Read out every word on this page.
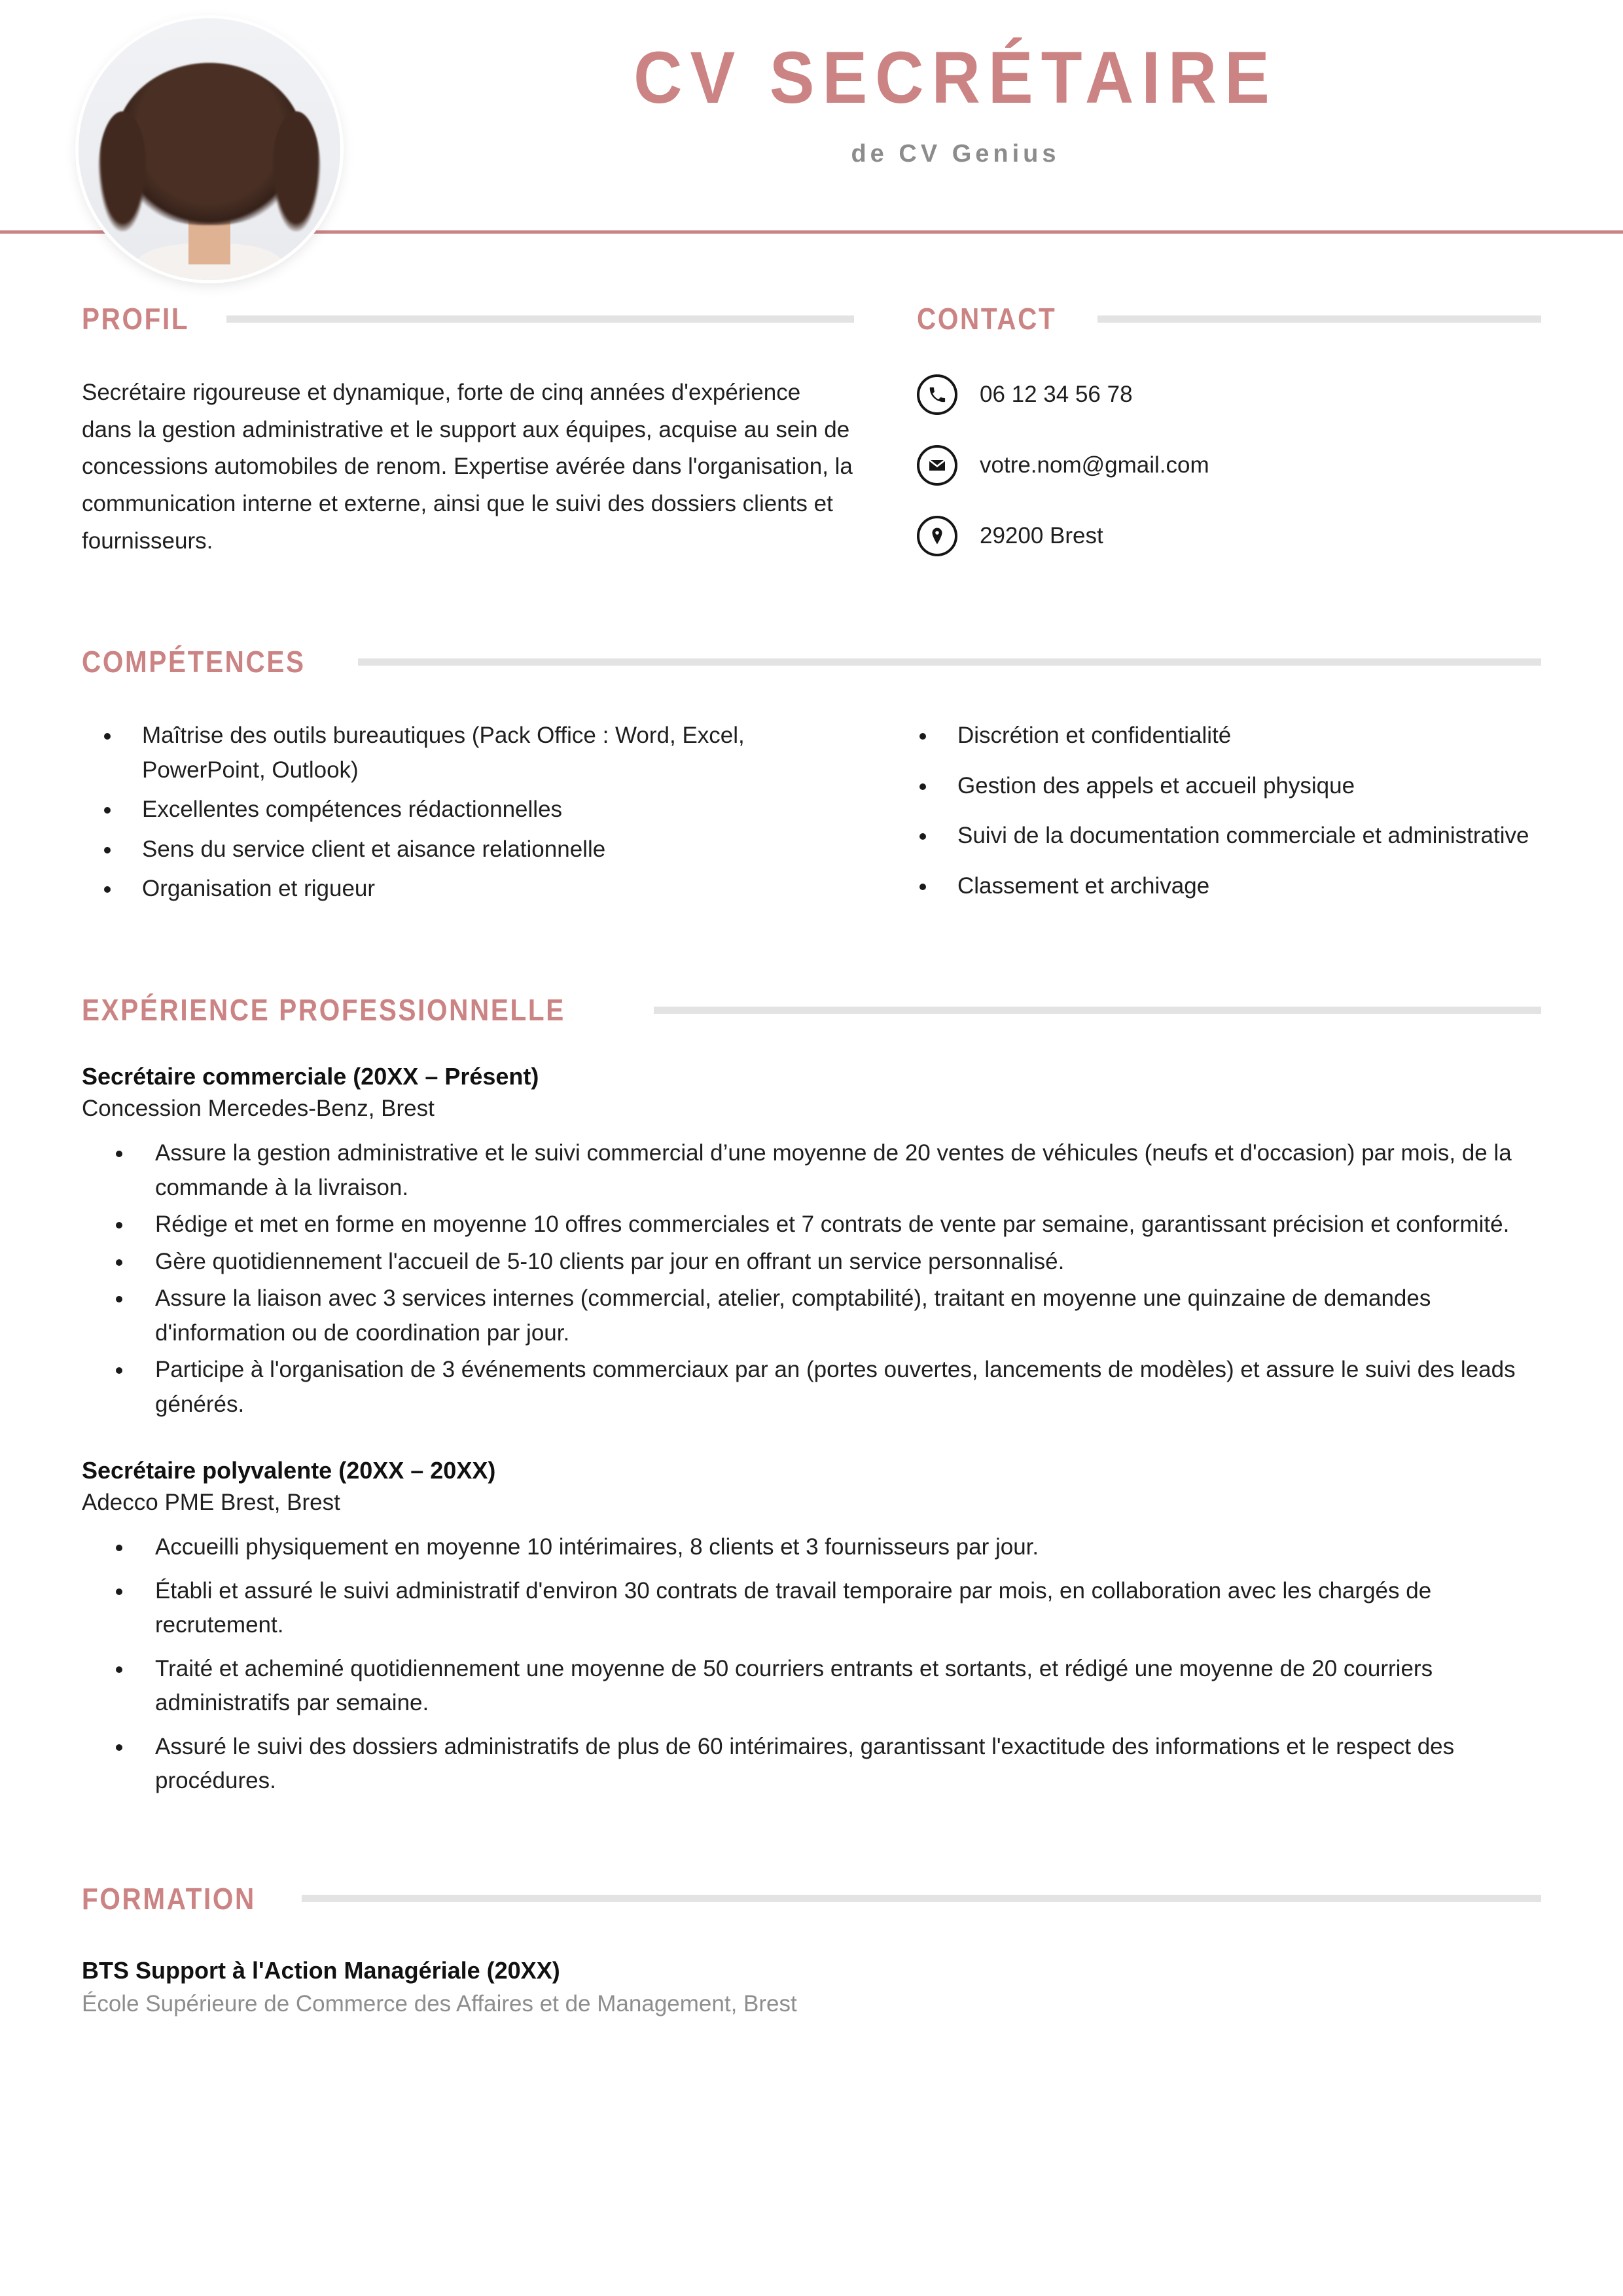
CV SECRÉTAIRE
de CV Genius
PROFIL
Secrétaire rigoureuse et dynamique, forte de cinq années d'expérience dans la gestion administrative et le support aux équipes, acquise au sein de concessions automobiles de renom. Expertise avérée dans l'organisation, la communication interne et externe, ainsi que le suivi des dossiers clients et fournisseurs.
CONTACT
06 12 34 56 78
votre.nom@gmail.com
29200 Brest
COMPÉTENCES
Maîtrise des outils bureautiques (Pack Office : Word, Excel, PowerPoint, Outlook)
Excellentes compétences rédactionnelles
Sens du service client et aisance relationnelle
Organisation et rigueur
Discrétion et confidentialité
Gestion des appels et accueil physique
Suivi de la documentation commerciale et administrative
Classement et archivage
EXPÉRIENCE PROFESSIONNELLE
Secrétaire commerciale (20XX – Présent)
Concession Mercedes-Benz, Brest
Assure la gestion administrative et le suivi commercial d’une moyenne de 20 ventes de véhicules (neufs et d'occasion) par mois, de la commande à la livraison.
Rédige et met en forme en moyenne 10 offres commerciales et 7 contrats de vente par semaine, garantissant précision et conformité.
Gère quotidiennement l'accueil de 5-10 clients par jour en offrant un service personnalisé.
Assure la liaison avec 3 services internes (commercial, atelier, comptabilité), traitant en moyenne une quinzaine de demandes d'information ou de coordination par jour.
Participe à l'organisation de 3 événements commerciaux par an (portes ouvertes, lancements de modèles) et assure le suivi des leads générés.
Secrétaire polyvalente (20XX – 20XX)
Adecco PME Brest, Brest
Accueilli physiquement en moyenne 10 intérimaires, 8 clients et 3 fournisseurs par jour.
Établi et assuré le suivi administratif d'environ 30 contrats de travail temporaire par mois, en collaboration avec les chargés de recrutement.
Traité et acheminé quotidiennement une moyenne de 50 courriers entrants et sortants, et rédigé une moyenne de 20 courriers administratifs par semaine.
Assuré le suivi des dossiers administratifs de plus de 60 intérimaires, garantissant l'exactitude des informations et le respect des procédures.
FORMATION
BTS Support à l'Action Managériale (20XX)
École Supérieure de Commerce des Affaires et de Management, Brest
